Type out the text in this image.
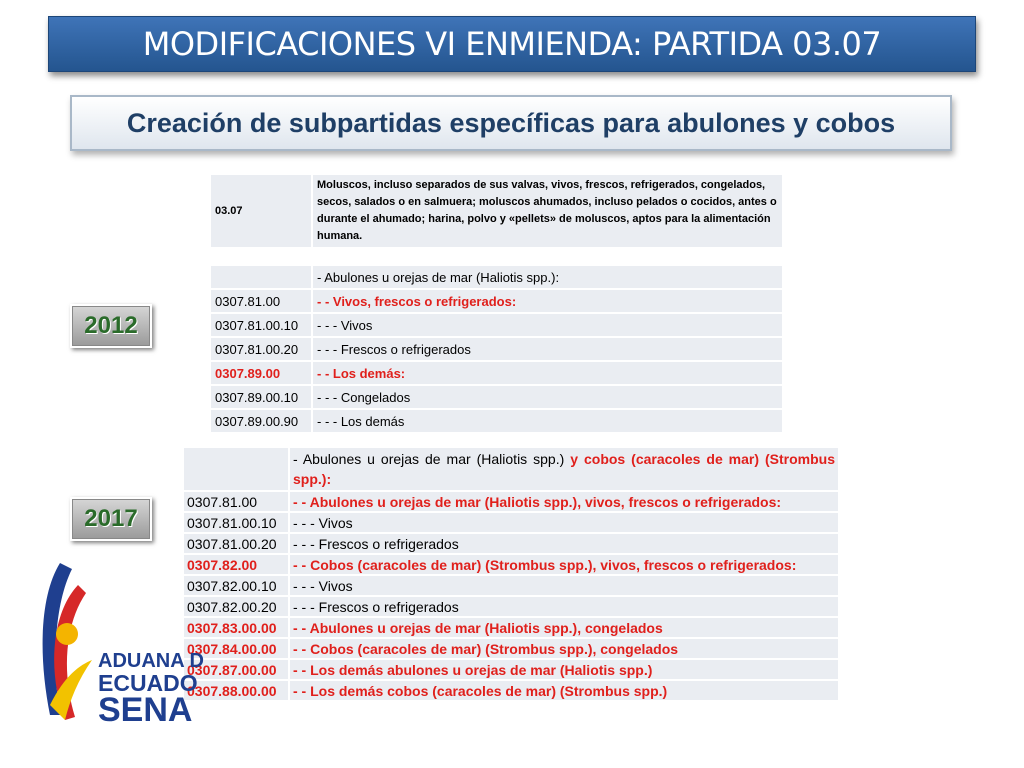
MODIFICACIONES VI ENMIENDA: PARTIDA 03.07
Creación de subpartidas específicas para abulones y cobos
2012
2017
03.07	Moluscos, incluso separados de sus valvas, vivos, frescos, refrigerados, congelados, secos, salados o en salmuera; moluscos ahumados, incluso pelados o cocidos, antes o durante el ahumado; harina, polvo y «pellets» de moluscos, aptos para la alimentación humana.
	- Abulones u orejas de mar (Haliotis spp.):
0307.81.00	- - Vivos, frescos o refrigerados:
0307.81.00.10	- - - Vivos
0307.81.00.20	- - - Frescos o refrigerados
0307.89.00	- - Los demás:
0307.89.00.10	- - - Congelados
0307.89.00.90	- - - Los demás
	- Abulones u orejas de mar (Haliotis spp.) y cobos (caracoles de mar) (Strombus spp.):
0307.81.00	- - Abulones u orejas de mar (Haliotis spp.), vivos, frescos o refrigerados:
0307.81.00.10	- - - Vivos
0307.81.00.20	- - - Frescos o refrigerados
0307.82.00	- - Cobos (caracoles de mar) (Strombus spp.), vivos, frescos o refrigerados:
0307.82.00.10	- - - Vivos
0307.82.00.20	- - - Frescos o refrigerados
0307.83.00.00	- - Abulones u orejas de mar (Haliotis spp.), congelados
0307.84.00.00	- - Cobos (caracoles de mar) (Strombus spp.), congelados
0307.87.00.00	- - Los demás abulones u orejas de mar (Haliotis spp.)
0307.88.00.00	- - Los demás cobos (caracoles de mar) (Strombus spp.)
ADUANA D
ECUADO
SENA
